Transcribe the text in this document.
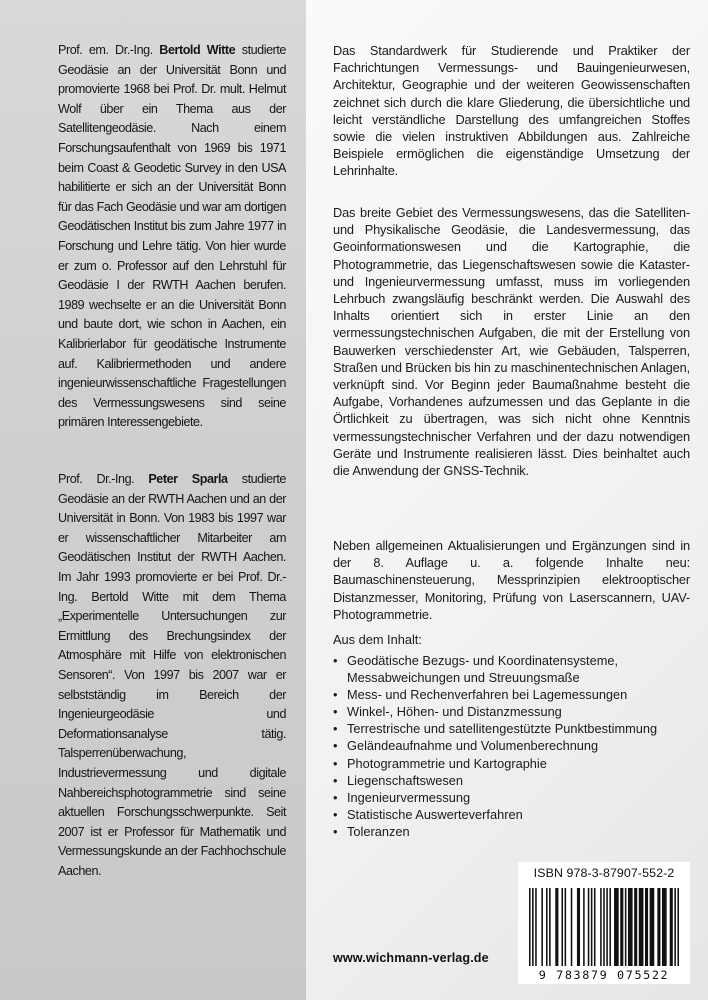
Prof. em. Dr.-Ing. Bertold Witte studierte Geodäsie an der Universität Bonn und promovierte 1968 bei Prof. Dr. mult. Helmut Wolf über ein Thema aus der Satellitengeodäsie. Nach einem Forschungsaufenthalt von 1969 bis 1971 beim Coast & Geodetic Survey in den USA habilitierte er sich an der Universität Bonn für das Fach Geodäsie und war am dortigen Geodätischen Institut bis zum Jahre 1977 in Forschung und Lehre tätig. Von hier wurde er zum o. Professor auf den Lehrstuhl für Geodäsie I der RWTH Aachen berufen. 1989 wechselte er an die Universität Bonn und baute dort, wie schon in Aachen, ein Kalibrierlabor für geodätische Instrumente auf. Kalibriermethoden und andere ingenieurwissenschaftliche Fragestellungen des Vermessungswesens sind seine primären Interessengebiete.

Prof. Dr.-Ing. Peter Sparla studierte Geodäsie an der RWTH Aachen und an der Universität in Bonn. Von 1983 bis 1997 war er wissenschaftlicher Mitarbeiter am Geodätischen Institut der RWTH Aachen. Im Jahr 1993 promovierte er bei Prof. Dr.-Ing. Bertold Witte mit dem Thema „Experimentelle Untersuchungen zur Ermittlung des Brechungsindex der Atmosphäre mit Hilfe von elektronischen Sensoren“. Von 1997 bis 2007 war er selbstständig im Bereich der Ingenieurgeodäsie und Deformationsanalyse tätig. Talsperrenüberwachung, Industrievermessung und digitale Nahbereichsphotogrammetrie sind seine aktuellen Forschungsschwerpunkte. Seit 2007 ist er Professor für Mathematik und Vermessungskunde an der Fachhochschule Aachen.

Das Standardwerk für Studierende und Praktiker der Fachrichtungen Vermessungs- und Bauingenieurwesen, Architektur, Geographie und der weiteren Geowissenschaften zeichnet sich durch die klare Gliederung, die übersichtliche und leicht verständliche Darstellung des umfangreichen Stoffes sowie die vielen instruktiven Abbildungen aus. Zahlreiche Beispiele ermöglichen die eigenständige Umsetzung der Lehrinhalte.

Das breite Gebiet des Vermessungswesens, das die Satelliten- und Physikalische Geodäsie, die Landesvermessung, das Geoinformationswesen und die Kartographie, die Photogrammetrie, das Liegenschaftswesen sowie die Kataster- und Ingenieurvermessung umfasst, muss im vorliegenden Lehrbuch zwangsläufig beschränkt werden. Die Auswahl des Inhalts orientiert sich in erster Linie an den vermessungstechnischen Aufgaben, die mit der Erstellung von Bauwerken verschiedenster Art, wie Gebäuden, Talsperren, Straßen und Brücken bis hin zu maschinentechnischen Anlagen, verknüpft sind. Vor Beginn jeder Baumaßnahme besteht die Aufgabe, Vorhandenes aufzumessen und das Geplante in die Örtlichkeit zu übertragen, was sich nicht ohne Kenntnis vermessungstechnischer Verfahren und der dazu notwendigen Geräte und Instrumente realisieren lässt. Dies beinhaltet auch die Anwendung der GNSS-Technik.

Neben allgemeinen Aktualisierungen und Ergänzungen sind in der 8. Auflage u. a. folgende Inhalte neu: Baumaschinensteuerung, Messprinzipien elektrooptischer Distanzmesser, Monitoring, Prüfung von Laserscannern, UAV-Photogrammetrie.

Aus dem Inhalt:

• Geodätische Bezugs- und Koordinatensysteme, Messabweichungen und Streuungsmaße
• Mess- und Rechenverfahren bei Lagemessungen
• Winkel-, Höhen- und Distanzmessung
• Terrestrische und satellitengestützte Punktbestimmung
• Geländeaufnahme und Volumenberechnung
• Photogrammetrie und Kartographie
• Liegenschaftswesen
• Ingenieurvermessung
• Statistische Auswerteverfahren
• Toleranzen
ISBN 978-3-87907-552-2
9 783879 075522
www.wichmann-verlag.de
